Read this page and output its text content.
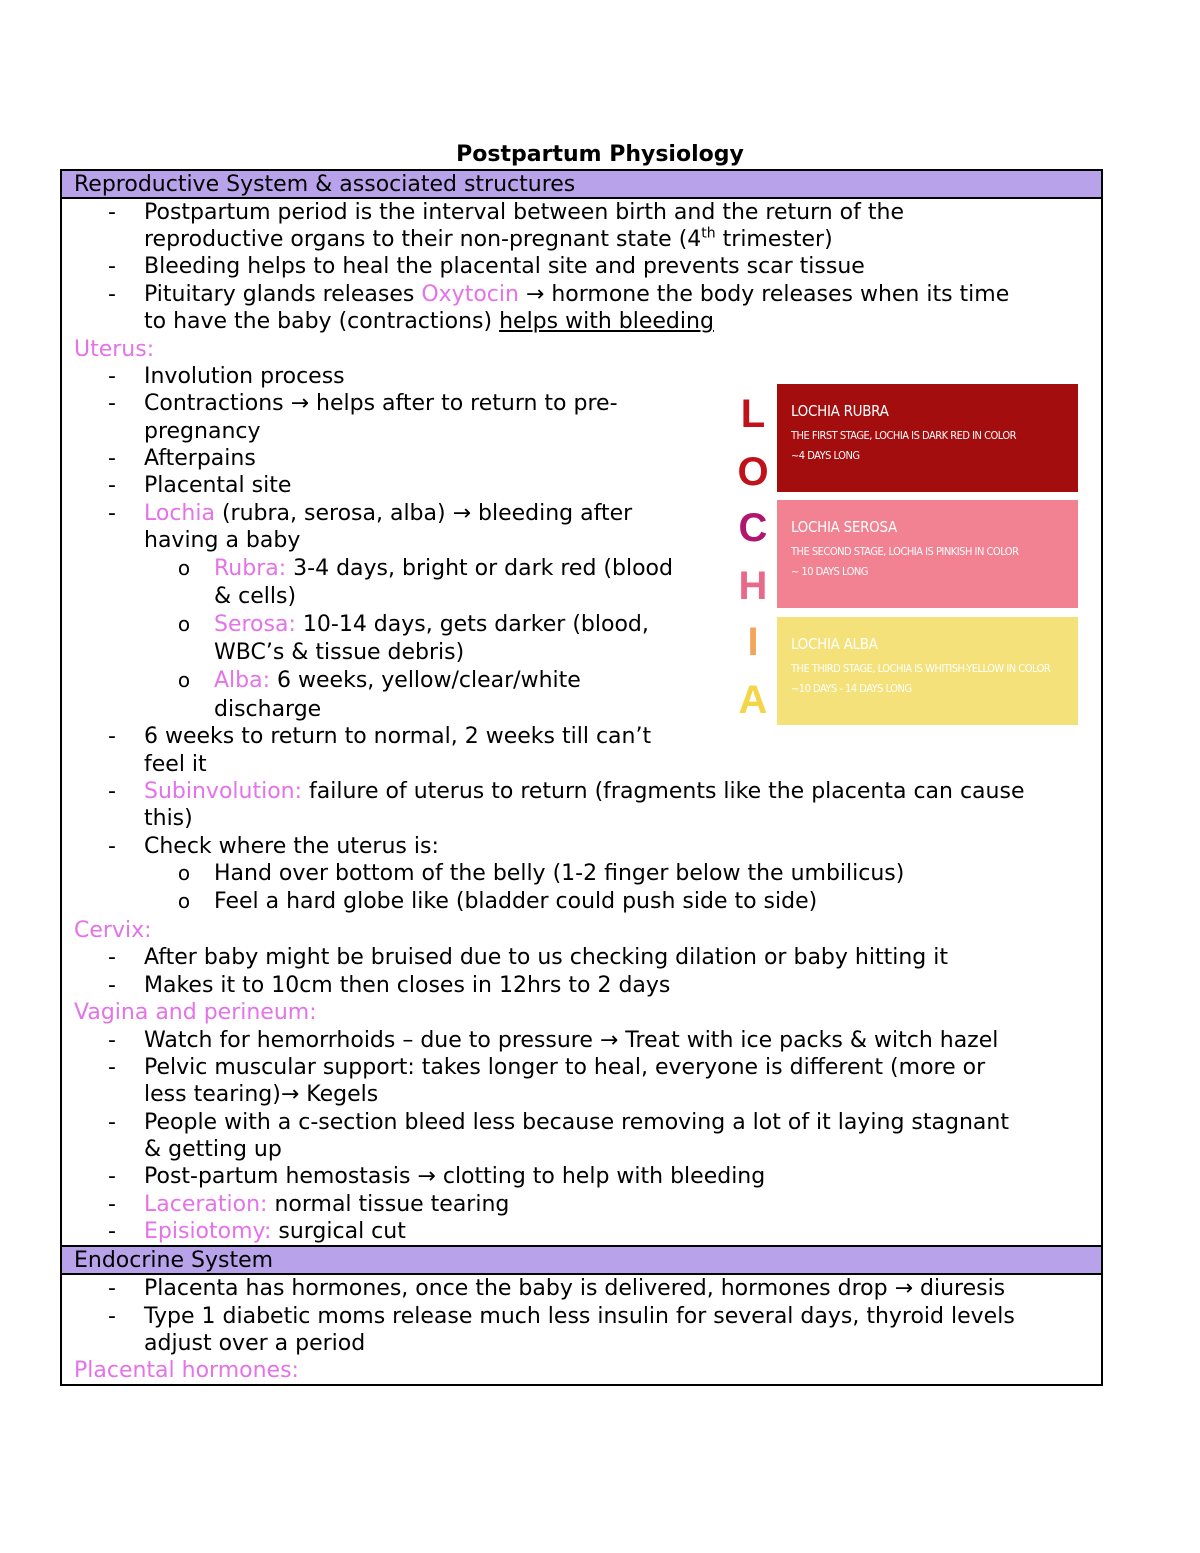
Postpartum Physiology
Reproductive System & associated structures
- Postpartum period is the interval between birth and the return of the
reproductive organs to their non-pregnant state (4th trimester)
- Bleeding helps to heal the placental site and prevents scar tissue
- Pituitary glands releases Oxytocin → hormone the body releases when its time
to have the baby (contractions) helps with bleeding
Uterus:
- Involution process
- Contractions → helps after to return to pre-
pregnancy
- Afterpains
- Placental site
- Lochia (rubra, serosa, alba) → bleeding after
having a baby
o Rubra: 3-4 days, bright or dark red (blood
& cells)
o Serosa: 10-14 days, gets darker (blood,
WBC’s & tissue debris)
o Alba: 6 weeks, yellow/clear/white
discharge
- 6 weeks to return to normal, 2 weeks till can’t
feel it
- Subinvolution: failure of uterus to return (fragments like the placenta can cause
this)
- Check where the uterus is:
o Hand over bottom of the belly (1-2 finger below the umbilicus)
o Feel a hard globe like (bladder could push side to side)
Cervix:
- After baby might be bruised due to us checking dilation or baby hitting it
- Makes it to 10cm then closes in 12hrs to 2 days
Vagina and perineum:
- Watch for hemorrhoids – due to pressure → Treat with ice packs & witch hazel
- Pelvic muscular support: takes longer to heal, everyone is different (more or
less tearing)→ Kegels
- People with a c-section bleed less because removing a lot of it laying stagnant
& getting up
- Post-partum hemostasis → clotting to help with bleeding
- Laceration: normal tissue tearing
- Episiotomy: surgical cut
Endocrine System
- Placenta has hormones, once the baby is delivered, hormones drop → diuresis
- Type 1 diabetic moms release much less insulin for several days, thyroid levels
adjust over a period
Placental hormones:
L
O
C
H
I
A
LOCHIA RUBRA
THE FIRST STAGE, LOCHIA IS DARK RED IN COLOR
~4 DAYS LONG
LOCHIA SEROSA
THE SECOND STAGE, LOCHIA IS PINKISH IN COLOR
~ 10 DAYS LONG
LOCHIA ALBA
THE THIRD STAGE, LOCHIA IS WHITISH-YELLOW IN COLOR
~10 DAYS - 14 DAYS LONG
